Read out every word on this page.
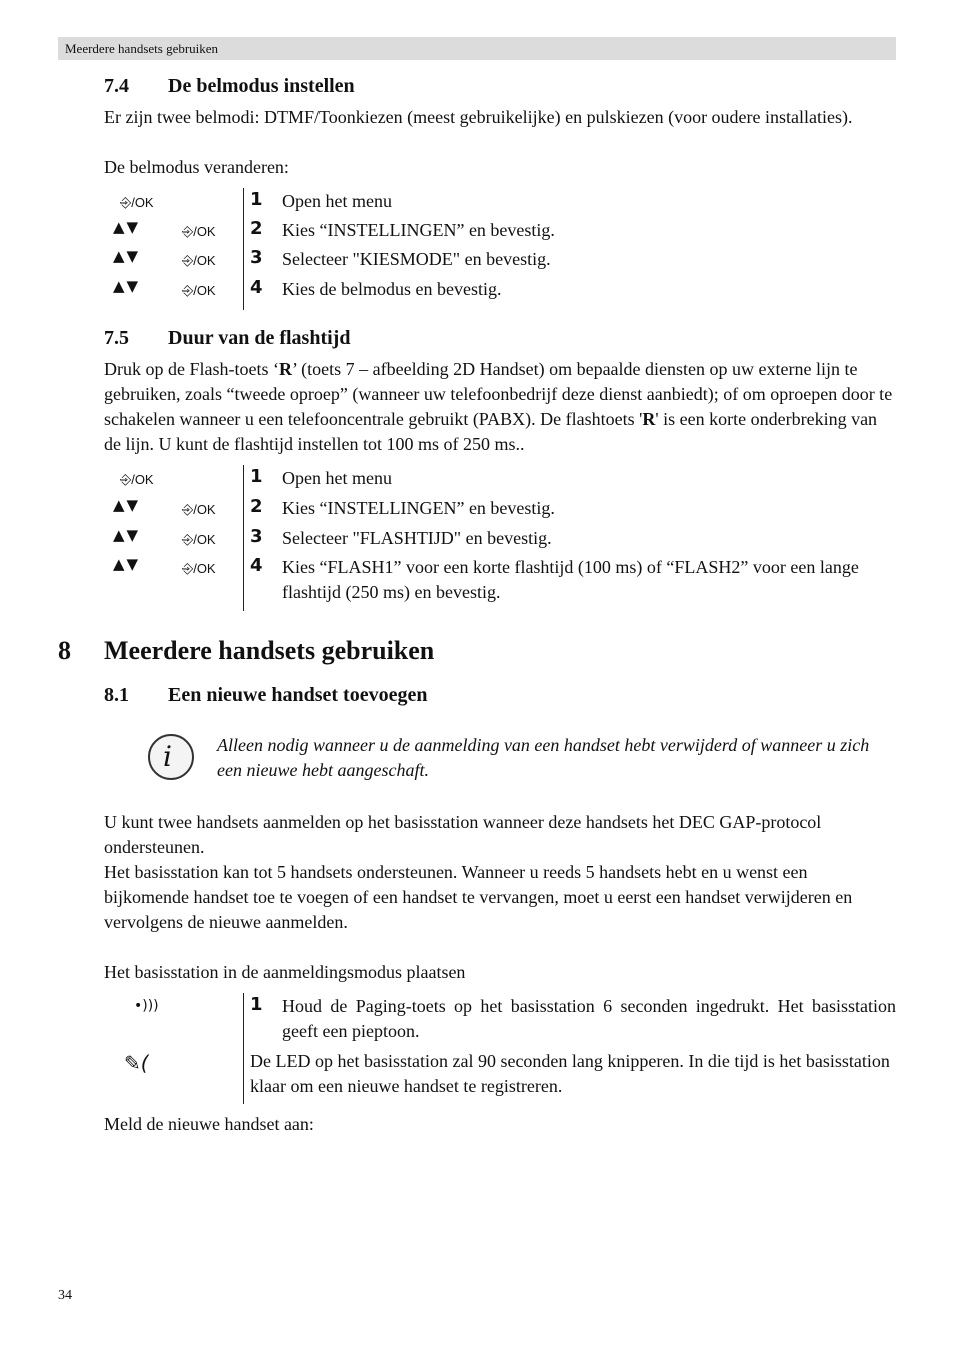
Meerdere handsets gebruiken
7.4 De belmodus instellen

Er zijn twee belmodi: DTMF/Toonkiezen (meest gebruikelijke) en pulskiezen (voor oudere installaties).

De belmodus veranderen:

⎆/OK	1 Open het menu
▲▼	⎆/OK 2 Kies “INSTELLINGEN” en bevestig.
▲▼	⎆/OK 3 Selecteer "KIESMODE" en bevestig.
▲▼	⎆/OK 4 Kies de belmodus en bevestig.
7.5 Duur van de flashtijd

Druk op de Flash-toets ‘R’ (toets 7 – afbeelding 2D Handset) om bepaalde diensten op uw externe lijn te gebruiken, zoals “tweede oproep” (wanneer uw telefoonbedrijf deze dienst aanbiedt); of om oproepen door te schakelen wanneer u een telefooncentrale gebruikt (PABX). De flashtoets 'R' is een korte onderbreking van de lijn. U kunt de flashtijd instellen tot 100 ms of 250 ms..

⎆/OK	1 Open het menu
▲▼	⎆/OK 2 Kies “INSTELLINGEN” en bevestig.
▲▼	⎆/OK 3 Selecteer "FLASHTIJD" en bevestig.
▲▼	⎆/OK 4 Kies “FLASH1” voor een korte flashtijd (100 ms) of “FLASH2” voor een lange flashtijd (250 ms) en bevestig.
8 Meerdere handsets gebruiken
8.1 Een nieuwe handset toevoegen
i	Alleen nodig wanneer u de aanmelding van een handset hebt verwijderd of wanneer u zich een nieuwe hebt aangeschaft.

U kunt twee handsets aanmelden op het basisstation wanneer deze handsets het DEC GAP-protocol ondersteunen.

Het basisstation kan tot 5 handsets ondersteunen. Wanneer u reeds 5 handsets hebt en u wenst een bijkomende handset toe te voegen of een handset te vervangen, moet u eerst een handset verwijderen en vervolgens de nieuwe aanmelden.

Het basisstation in de aanmeldingsmodus plaatsen

•)))	1 Houd de Paging-toets op het basisstation 6 seconden ingedrukt. Het basisstation geeft een pieptoon.
✎(	De LED op het basisstation zal 90 seconden lang knipperen. In die tijd is het basisstation klaar om een nieuwe handset te registreren.

Meld de nieuwe handset aan:

34
